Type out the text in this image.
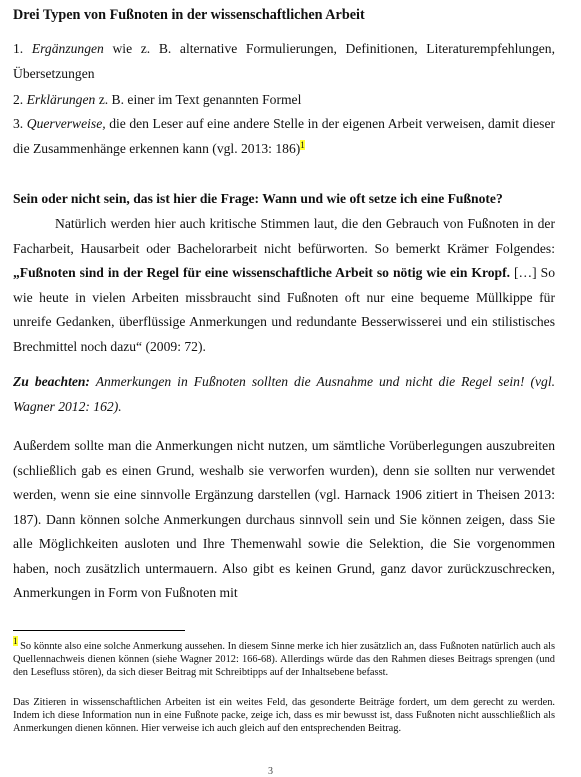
Drei Typen von Fußnoten in der wissenschaftlichen Arbeit
1. Ergänzungen wie z. B. alternative Formulierungen, Definitionen, Literaturempfehlungen, Übersetzungen
2. Erklärungen z. B. einer im Text genannten Formel
3. Querverweise, die den Leser auf eine andere Stelle in der eigenen Arbeit verweisen, damit dieser die Zusammenhänge erkennen kann (vgl. 2013: 186)$^1$
Sein oder nicht sein, das ist hier die Frage: Wann und wie oft setze ich eine Fußnote?
Natürlich werden hier auch kritische Stimmen laut, die den Gebrauch von Fußnoten in der Facharbeit, Hausarbeit oder Bachelorarbeit nicht befürworten. So bemerkt Krämer Folgendes: „Fußnoten sind in der Regel für eine wissenschaftliche Arbeit so nötig wie ein Kropf. […] So wie heute in vielen Arbeiten missbraucht sind Fußnoten oft nur eine bequeme Müllkippe für unreife Gedanken, überflüssige Anmerkungen und redundante Besserwisserei und ein stilistisches Brechmittel noch dazu“ (2009: 72).
Zu beachten: Anmerkungen in Fußnoten sollten die Ausnahme und nicht die Regel sein! (vgl. Wagner 2012: 162).
Außerdem sollte man die Anmerkungen nicht nutzen, um sämtliche Vorüberlegungen auszubreiten (schließlich gab es einen Grund, weshalb sie verworfen wurden), denn sie sollten nur verwendet werden, wenn sie eine sinnvolle Ergänzung darstellen (vgl. Harnack 1906 zitiert in Theisen 2013: 187). Dann können solche Anmerkungen durchaus sinnvoll sein und Sie können zeigen, dass Sie alle Möglichkeiten ausloten und Ihre Themenwahl sowie die Selektion, die Sie vorgenommen haben, noch zusätzlich untermauern. Also gibt es keinen Grund, ganz davor zurückzuschrecken, Anmerkungen in Form von Fußnoten mit
$^1$ So könnte also eine solche Anmerkung aussehen. In diesem Sinne merke ich hier zusätzlich an, dass Fußnoten natürlich auch als Quellennachweis dienen können (siehe Wagner 2012: 166-68). Allerdings würde das den Rahmen dieses Beitrags sprengen (und den Lesefluss stören), da sich dieser Beitrag mit Schreibtipps auf der Inhaltsebene befasst.
Das Zitieren in wissenschaftlichen Arbeiten ist ein weites Feld, das gesonderte Beiträge fordert, um dem gerecht zu werden. Indem ich diese Information nun in eine Fußnote packe, zeige ich, dass es mir bewusst ist, dass Fußnoten nicht ausschließlich als Anmerkungen dienen können. Hier verweise ich auch gleich auf den entsprechenden Beitrag.
3
